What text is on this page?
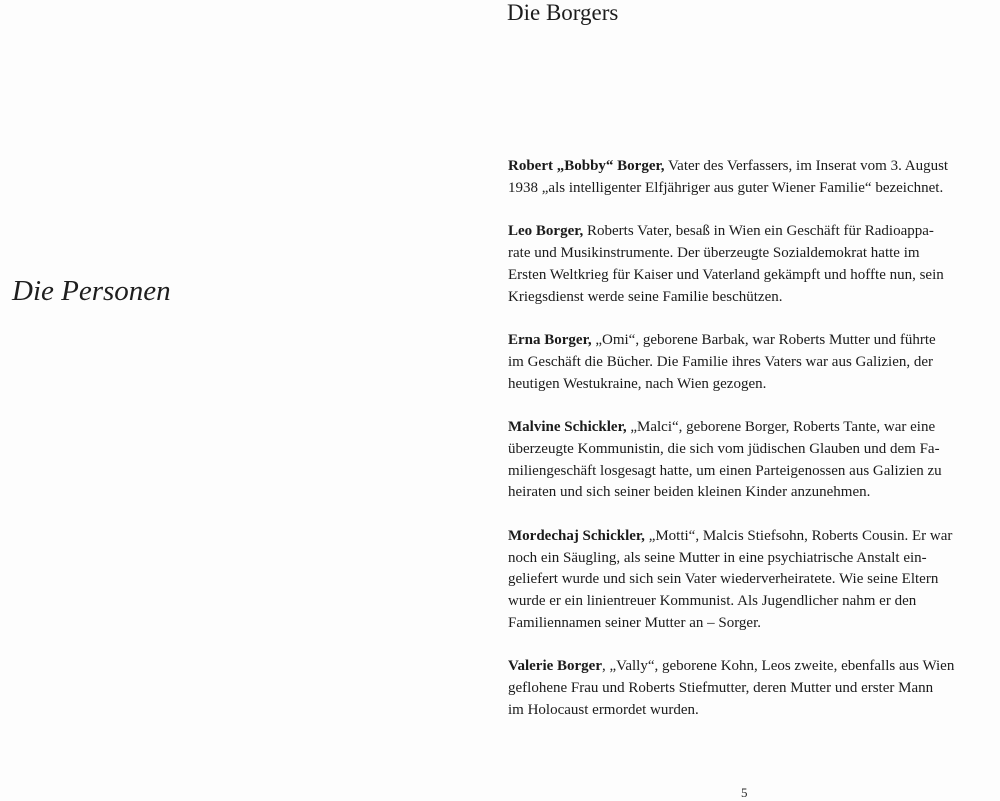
Die Borgers
Die Personen

Robert „Bobby“ Borger, Vater des Verfassers, im Inserat vom 3. August
1938 „als intelligenter Elfjähriger aus guter Wiener Familie“ bezeichnet.

Leo Borger, Roberts Vater, besaß in Wien ein Geschäft für Radioappa-
rate und Musikinstrumente. Der überzeugte Sozialdemokrat hatte im
Ersten Weltkrieg für Kaiser und Vaterland gekämpft und hoffte nun, sein
Kriegsdienst werde seine Familie beschützen.

Erna Borger, „Omi“, geborene Barbak, war Roberts Mutter und führte
im Geschäft die Bücher. Die Familie ihres Vaters war aus Galizien, der
heutigen Westukraine, nach Wien gezogen.

Malvine Schickler, „Malci“, geborene Borger, Roberts Tante, war eine
überzeugte Kommunistin, die sich vom jüdischen Glauben und dem Fa-
miliengeschäft losgesagt hatte, um einen Parteigenossen aus Galizien zu
heiraten und sich seiner beiden kleinen Kinder anzunehmen.

Mordechaj Schickler, „Motti“, Malcis Stiefsohn, Roberts Cousin. Er war
noch ein Säugling, als seine Mutter in eine psychiatrische Anstalt ein-
geliefert wurde und sich sein Vater wiederverheiratete. Wie seine Eltern
wurde er ein linientreuer Kommunist. Als Jugendlicher nahm er den
Familiennamen seiner Mutter an – Sorger.

Valerie Borger, „Vally“, geborene Kohn, Leos zweite, ebenfalls aus Wien
geflohene Frau und Roberts Stiefmutter, deren Mutter und erster Mann
im Holocaust ermordet wurden.

5
